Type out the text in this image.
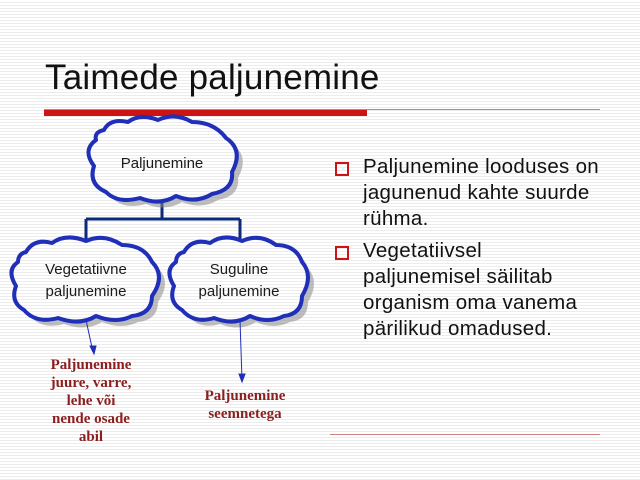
Taimede paljunemine
Paljunemine
Vegetatiivne
paljunemine
Suguline
paljunemine
Paljunemine
juure, varre,
lehe või
nende osade
abil
Paljunemine
seemnetega
Paljunemine looduses on jagunenud kahte suurde rühma.
Vegetatiivsel paljunemisel säilitab organism oma vanema pärilikud omadused.
